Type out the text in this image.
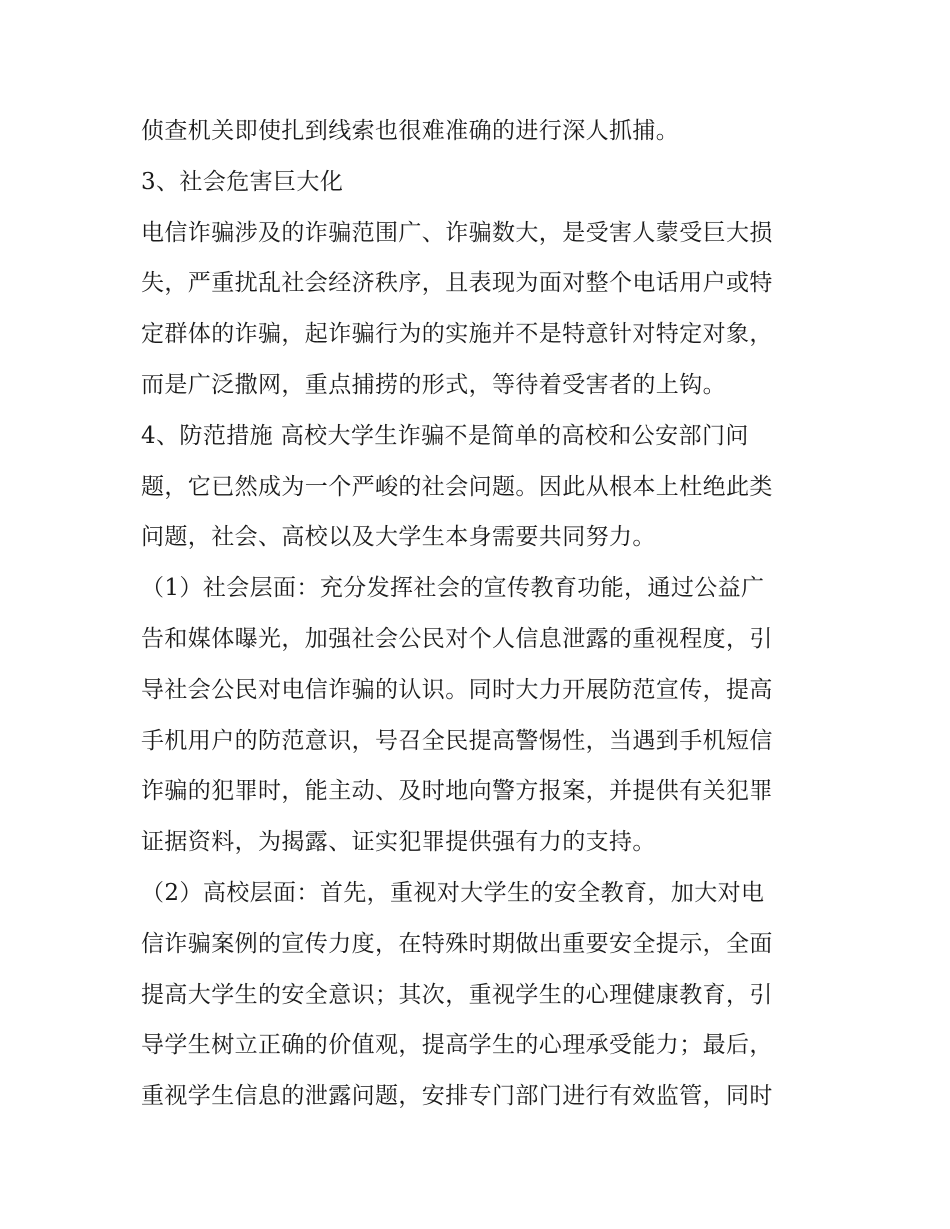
侦查机关即使扎到线索也很难准确的进行深人抓捕。
3、社会危害巨大化
电信诈骗涉及的诈骗范围广、诈骗数大，是受害人蒙受巨大损
失，严重扰乱社会经济秩序，且表现为面对整个电话用户或特
定群体的诈骗，起诈骗行为的实施并不是特意针对特定对象，
而是广泛撒网，重点捕捞的形式，等待着受害者的上钩。
4、防范措施 高校大学生诈骗不是简单的高校和公安部门问
题，它已然成为一个严峻的社会问题。因此从根本上杜绝此类
问题，社会、高校以及大学生本身需要共同努力。
（1）社会层面：充分发挥社会的宣传教育功能，通过公益广
告和媒体曝光，加强社会公民对个人信息泄露的重视程度，引
导社会公民对电信诈骗的认识。同时大力开展防范宣传，提高
手机用户的防范意识，号召全民提高警惕性，当遇到手机短信
诈骗的犯罪时，能主动、及时地向警方报案，并提供有关犯罪
证据资料，为揭露、证实犯罪提供强有力的支持。
（2）高校层面：首先，重视对大学生的安全教育，加大对电
信诈骗案例的宣传力度，在特殊时期做出重要安全提示，全面
提高大学生的安全意识；其次，重视学生的心理健康教育，引
导学生树立正确的价值观，提高学生的心理承受能力；最后，
重视学生信息的泄露问题，安排专门部门进行有效监管，同时
